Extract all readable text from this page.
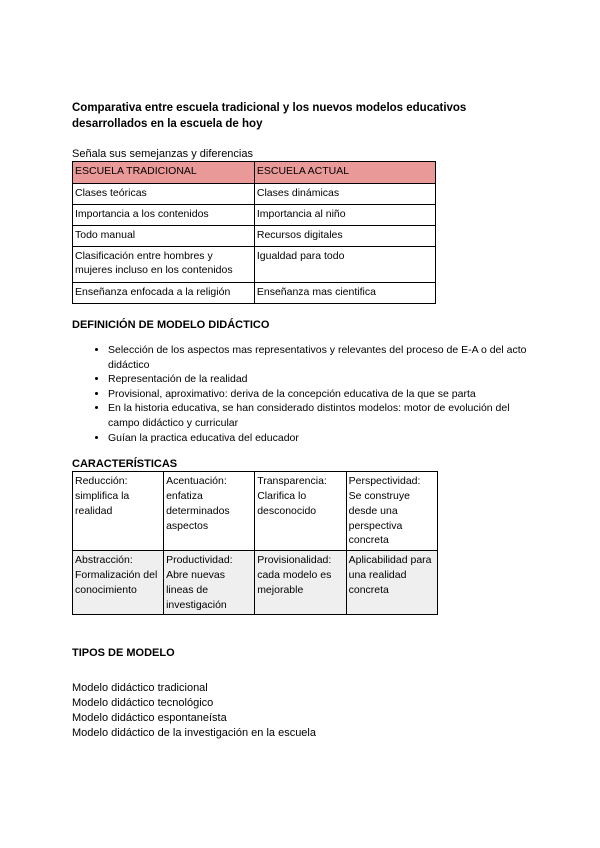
Comparativa entre escuela tradicional y los nuevos modelos educativos
desarrollados en la escuela de hoy
Señala sus semejanzas y diferencias
ESCUELA TRADICIONAL	ESCUELA ACTUAL
Clases teóricas	Clases dinámicas
Importancia a los contenidos	Importancia al niño
Todo manual	Recursos digitales
Clasificación entre hombres y mujeres incluso en los contenidos	Igualdad para todo
Enseñanza enfocada a la religión	Enseñanza mas cientifica
DEFINICIÓN DE MODELO DIDÁCTICO
• Selección de los aspectos mas representativos y relevantes del proceso de E-A o del acto didáctico
• Representación de la realidad
• Provisional, aproximativo: deriva de la concepción educativa de la que se parta
• En la historia educativa, se han considerado distintos modelos: motor de evolución del campo didáctico y curricular
• Guían la practica educativa del educador
CARACTERÍSTICAS
Reducción: simplifica la realidad	Acentuación: enfatiza determinados aspectos	Transparencia: Clarifica lo desconocido	Perspectividad: Se construye desde una perspectiva concreta
Abstracción: Formalización del conocimiento	Productividad: Abre nuevas lineas de investigación	Provisionalidad: cada modelo es mejorable	Aplicabilidad para una realidad concreta
TIPOS DE MODELO
Modelo didáctico tradicional
Modelo didáctico tecnológico
Modelo didáctico espontaneísta
Modelo didáctico de la investigación en la escuela
